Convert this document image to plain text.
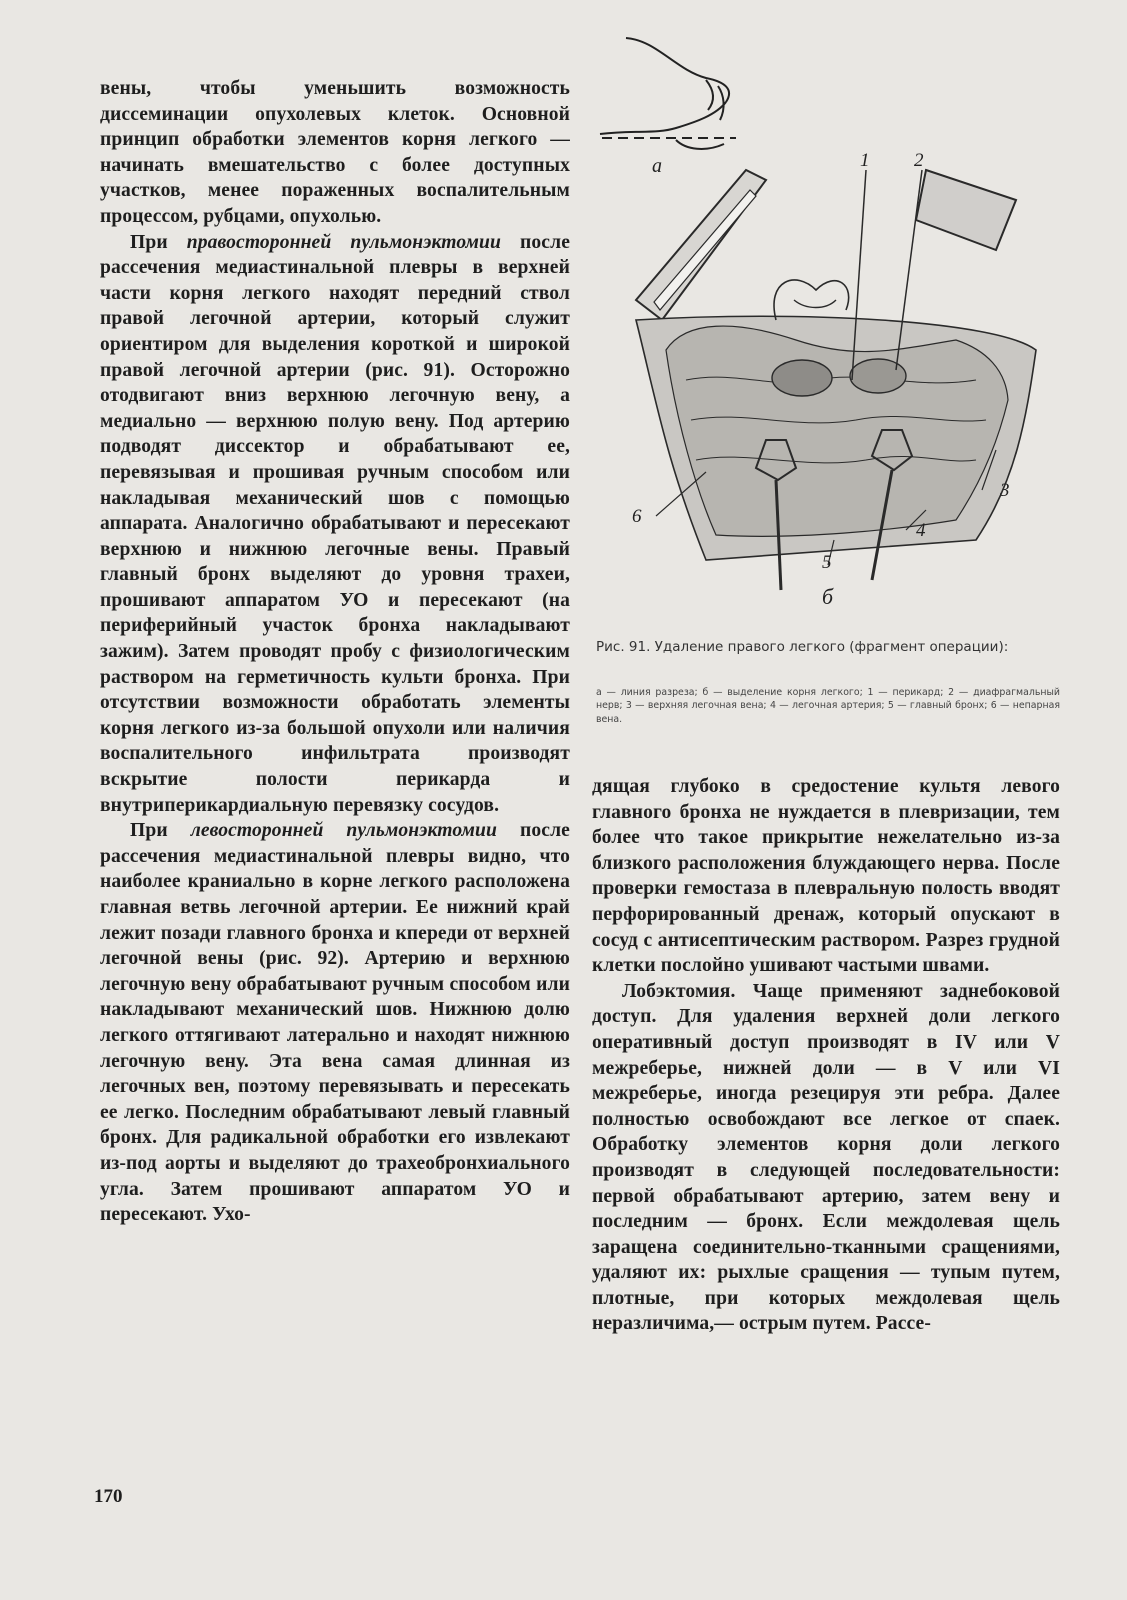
вены, чтобы уменьшить возможность диссеминации опухолевых клеток. Основной принцип обработки элементов корня легкого — начинать вмешательство с более доступных участков, менее пораженных воспалительным процессом, рубцами, опухолью.

При правосторонней пульмонэктомии после рассечения медиастинальной плевры в верхней части корня легкого находят передний ствол правой легочной артерии, который служит ориентиром для выделения короткой и широкой правой легочной артерии (рис. 91). Осторожно отодвигают вниз верхнюю легочную вену, а медиально — верхнюю полую вену. Под артерию подводят диссектор и обрабатывают ее, перевязывая и прошивая ручным способом или накладывая механический шов с помощью аппарата. Аналогично обрабатывают и пересекают верхнюю и нижнюю легочные вены. Правый главный бронх выделяют до уровня трахеи, прошивают аппаратом УО и пересекают (на периферийный участок бронха накладывают зажим). Затем проводят пробу с физиологическим раствором на герметичность культи бронха. При отсутствии возможности обработать элементы корня легкого из-за большой опухоли или наличия воспалительного инфильтрата производят вскрытие полости перикарда и внутриперикардиальную перевязку сосудов.

При левосторонней пульмонэктомии после рассечения медиастинальной плевры видно, что наиболее краниально в корне легкого расположена главная ветвь легочной артерии. Ее нижний край лежит позади главного бронха и кпереди от верхней легочной вены (рис. 92). Артерию и верхнюю легочную вену обрабатывают ручным способом или накладывают механический шов. Нижнюю долю легкого оттягивают латерально и находят нижнюю легочную вену. Эта вена самая длинная из легочных вен, поэтому перевязывать и пересекать ее легко. Последним обрабатывают левый главный бронх. Для радикальной обработки его извлекают из-под аорты и выделяют до трахеобронхиального угла. Затем прошивают аппаратом УО и пересекают. Ухо-

а	1 2
3
4
5
6
б
Рис. 91. Удаление правого легкого (фрагмент операции):
а — линия разреза; б — выделение корня легкого; 1 — перикард; 2 — диафрагмальный нерв; 3 — верхняя легочная вена; 4 — легочная артерия; 5 — главный бронх; 6 — непарная вена.

дящая глубоко в средостение культя левого главного бронха не нуждается в плевризации, тем более что такое прикрытие нежелательно из-за близкого расположения блуждающего нерва. После проверки гемостаза в плевральную полость вводят перфорированный дренаж, который опускают в сосуд с антисептическим раствором. Разрез грудной клетки послойно ушивают частыми швами.

Лобэктомия. Чаще применяют заднебоковой доступ. Для удаления верхней доли легкого оперативный доступ производят в IV или V межреберье, нижней доли — в V или VI межреберье, иногда резецируя эти ребра. Далее полностью освобождают все легкое от спаек. Обработку элементов корня доли легкого производят в следующей последовательности: первой обрабатывают артерию, затем вену и последним — бронх. Если междолевая щель заращена соединительно-тканными сращениями, удаляют их: рыхлые сращения — тупым путем, плотные, при которых междолевая щель неразличима,— острым путем. Рассе-

170
